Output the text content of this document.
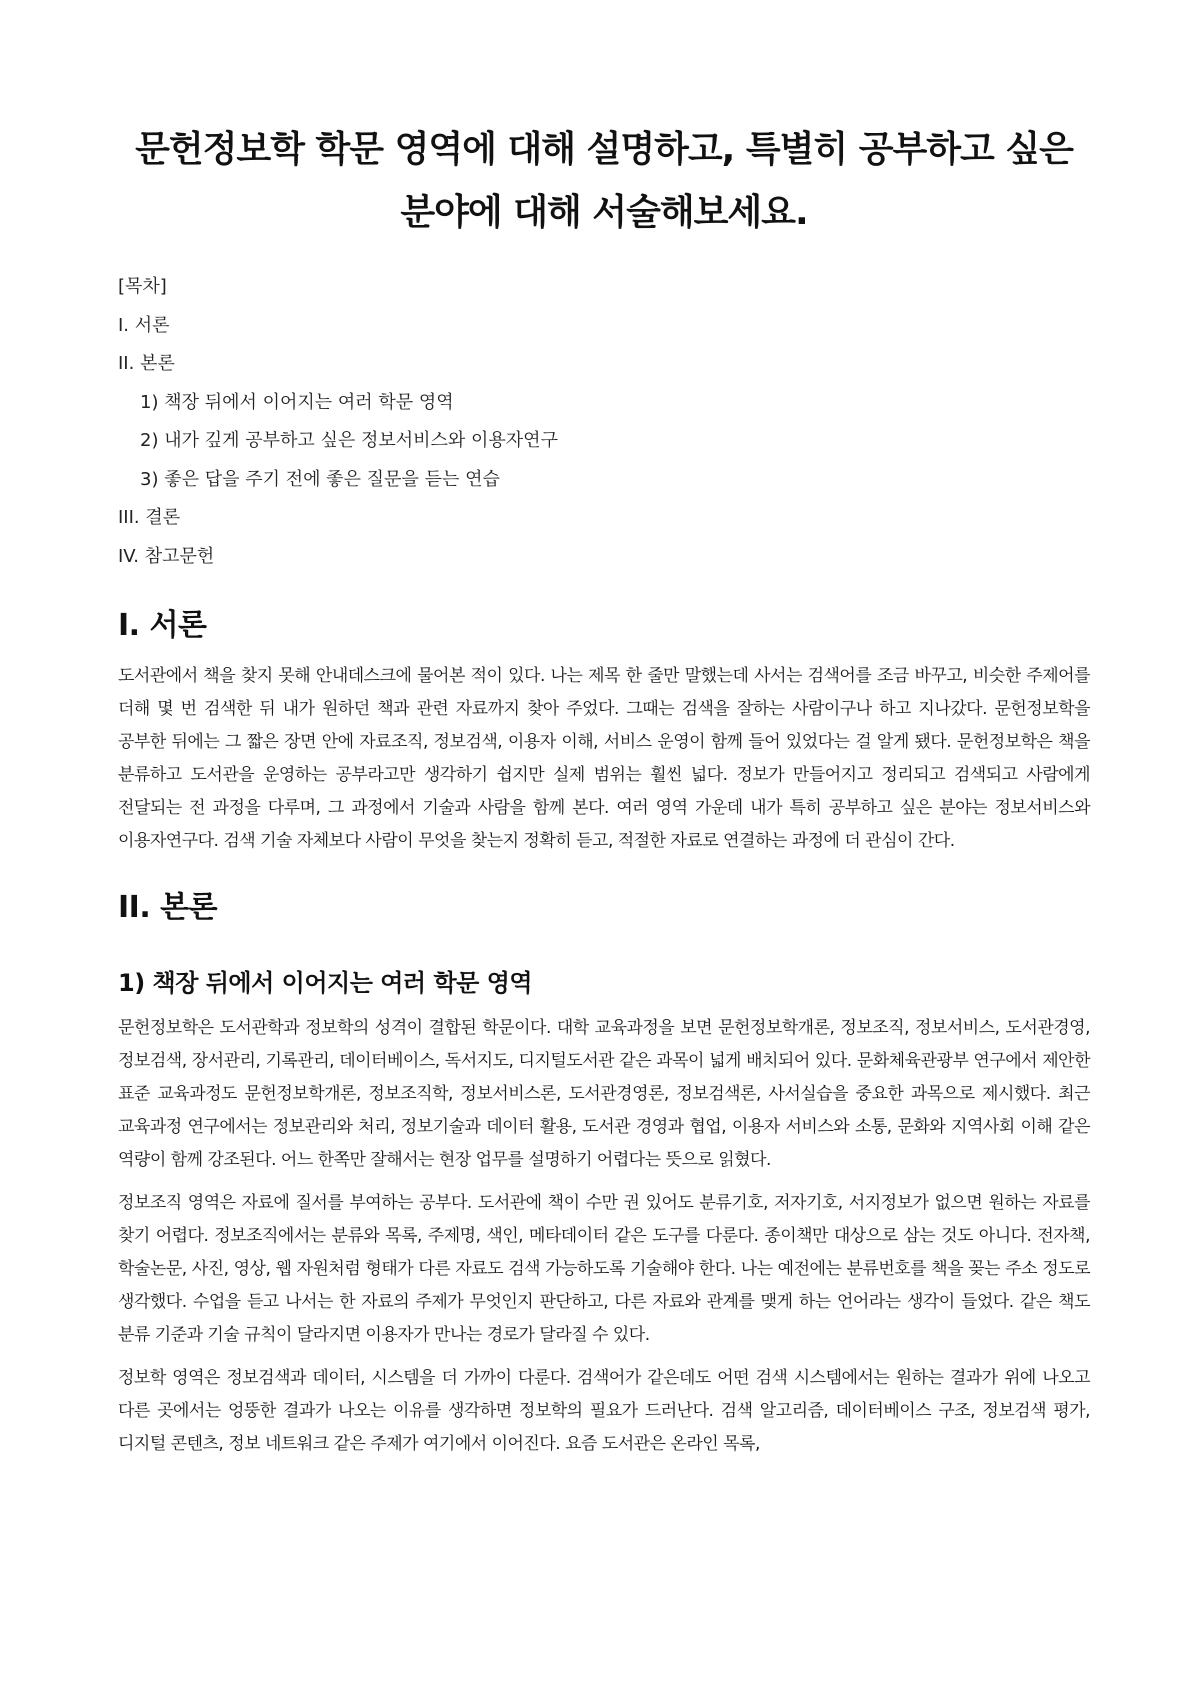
문헌정보학 학문 영역에 대해 설명하고, 특별히 공부하고 싶은 분야에 대해 서술해보세요.
[목차]
I. 서론
II. 본론
1) 책장 뒤에서 이어지는 여러 학문 영역
2) 내가 깊게 공부하고 싶은 정보서비스와 이용자연구
3) 좋은 답을 주기 전에 좋은 질문을 듣는 연습
III. 결론
IV. 참고문헌
I. 서론

도서관에서 책을 찾지 못해 안내데스크에 물어본 적이 있다. 나는 제목 한 줄만 말했는데 사서는 검색어를 조금 바꾸고, 비슷한 주제어를 더해 몇 번 검색한 뒤 내가 원하던 책과 관련 자료까지 찾아 주었다. 그때는 검색을 잘하는 사람이구나 하고 지나갔다. 문헌정보학을 공부한 뒤에는 그 짧은 장면 안에 자료조직, 정보검색, 이용자 이해, 서비스 운영이 함께 들어 있었다는 걸 알게 됐다. 문헌정보학은 책을 분류하고 도서관을 운영하는 공부라고만 생각하기 쉽지만 실제 범위는 훨씬 넓다. 정보가 만들어지고 정리되고 검색되고 사람에게 전달되는 전 과정을 다루며, 그 과정에서 기술과 사람을 함께 본다. 여러 영역 가운데 내가 특히 공부하고 싶은 분야는 정보서비스와 이용자연구다. 검색 기술 자체보다 사람이 무엇을 찾는지 정확히 듣고, 적절한 자료로 연결하는 과정에 더 관심이 간다.

II. 본론
1) 책장 뒤에서 이어지는 여러 학문 영역

문헌정보학은 도서관학과 정보학의 성격이 결합된 학문이다. 대학 교육과정을 보면 문헌정보학개론, 정보조직, 정보서비스, 도서관경영, 정보검색, 장서관리, 기록관리, 데이터베이스, 독서지도, 디지털도서관 같은 과목이 넓게 배치되어 있다. 문화체육관광부 연구에서 제안한 표준 교육과정도 문헌정보학개론, 정보조직학, 정보서비스론, 도서관경영론, 정보검색론, 사서실습을 중요한 과목으로 제시했다. 최근 교육과정 연구에서는 정보관리와 처리, 정보기술과 데이터 활용, 도서관 경영과 협업, 이용자 서비스와 소통, 문화와 지역사회 이해 같은 역량이 함께 강조된다. 어느 한쪽만 잘해서는 현장 업무를 설명하기 어렵다는 뜻으로 읽혔다.

정보조직 영역은 자료에 질서를 부여하는 공부다. 도서관에 책이 수만 권 있어도 분류기호, 저자기호, 서지정보가 없으면 원하는 자료를 찾기 어렵다. 정보조직에서는 분류와 목록, 주제명, 색인, 메타데이터 같은 도구를 다룬다. 종이책만 대상으로 삼는 것도 아니다. 전자책, 학술논문, 사진, 영상, 웹 자원처럼 형태가 다른 자료도 검색 가능하도록 기술해야 한다. 나는 예전에는 분류번호를 책을 꽂는 주소 정도로 생각했다. 수업을 듣고 나서는 한 자료의 주제가 무엇인지 판단하고, 다른 자료와 관계를 맺게 하는 언어라는 생각이 들었다. 같은 책도 분류 기준과 기술 규칙이 달라지면 이용자가 만나는 경로가 달라질 수 있다.

정보학 영역은 정보검색과 데이터, 시스템을 더 가까이 다룬다. 검색어가 같은데도 어떤 검색 시스템에서는 원하는 결과가 위에 나오고 다른 곳에서는 엉뚱한 결과가 나오는 이유를 생각하면 정보학의 필요가 드러난다. 검색 알고리즘, 데이터베이스 구조, 정보검색 평가, 디지털 콘텐츠, 정보 네트워크 같은 주제가 여기에서 이어진다. 요즘 도서관은 온라인 목록,
